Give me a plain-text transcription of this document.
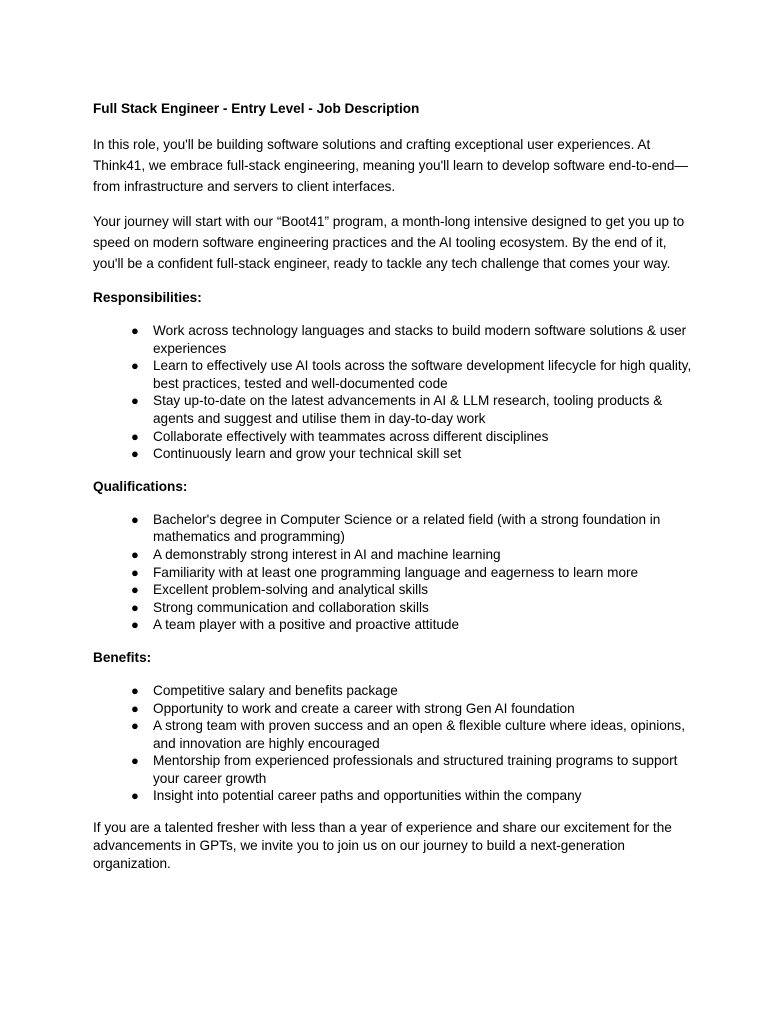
Full Stack Engineer - Entry Level - Job Description

In this role, you'll be building software solutions and crafting exceptional user experiences. At Think41, we embrace full-stack engineering, meaning you'll learn to develop software end-to-end—from infrastructure and servers to client interfaces.

Your journey will start with our “Boot41” program, a month-long intensive designed to get you up to speed on modern software engineering practices and the AI tooling ecosystem. By the end of it, you'll be a confident full-stack engineer, ready to tackle any tech challenge that comes your way.

Responsibilities:
● Work across technology languages and stacks to build modern software solutions & user experiences
● Learn to effectively use AI tools across the software development lifecycle for high quality, best practices, tested and well-documented code
● Stay up-to-date on the latest advancements in AI & LLM research, tooling products & agents and suggest and utilise them in day-to-day work
● Collaborate effectively with teammates across different disciplines
● Continuously learn and grow your technical skill set
Qualifications:
● Bachelor's degree in Computer Science or a related field (with a strong foundation in mathematics and programming)
● A demonstrably strong interest in AI and machine learning
● Familiarity with at least one programming language and eagerness to learn more
● Excellent problem-solving and analytical skills
● Strong communication and collaboration skills
● A team player with a positive and proactive attitude
Benefits:
● Competitive salary and benefits package
● Opportunity to work and create a career with strong Gen AI foundation
● A strong team with proven success and an open & flexible culture where ideas, opinions, and innovation are highly encouraged
● Mentorship from experienced professionals and structured training programs to support your career growth
● Insight into potential career paths and opportunities within the company

If you are a talented fresher with less than a year of experience and share our excitement for the advancements in GPTs, we invite you to join us on our journey to build a next-generation organization.
